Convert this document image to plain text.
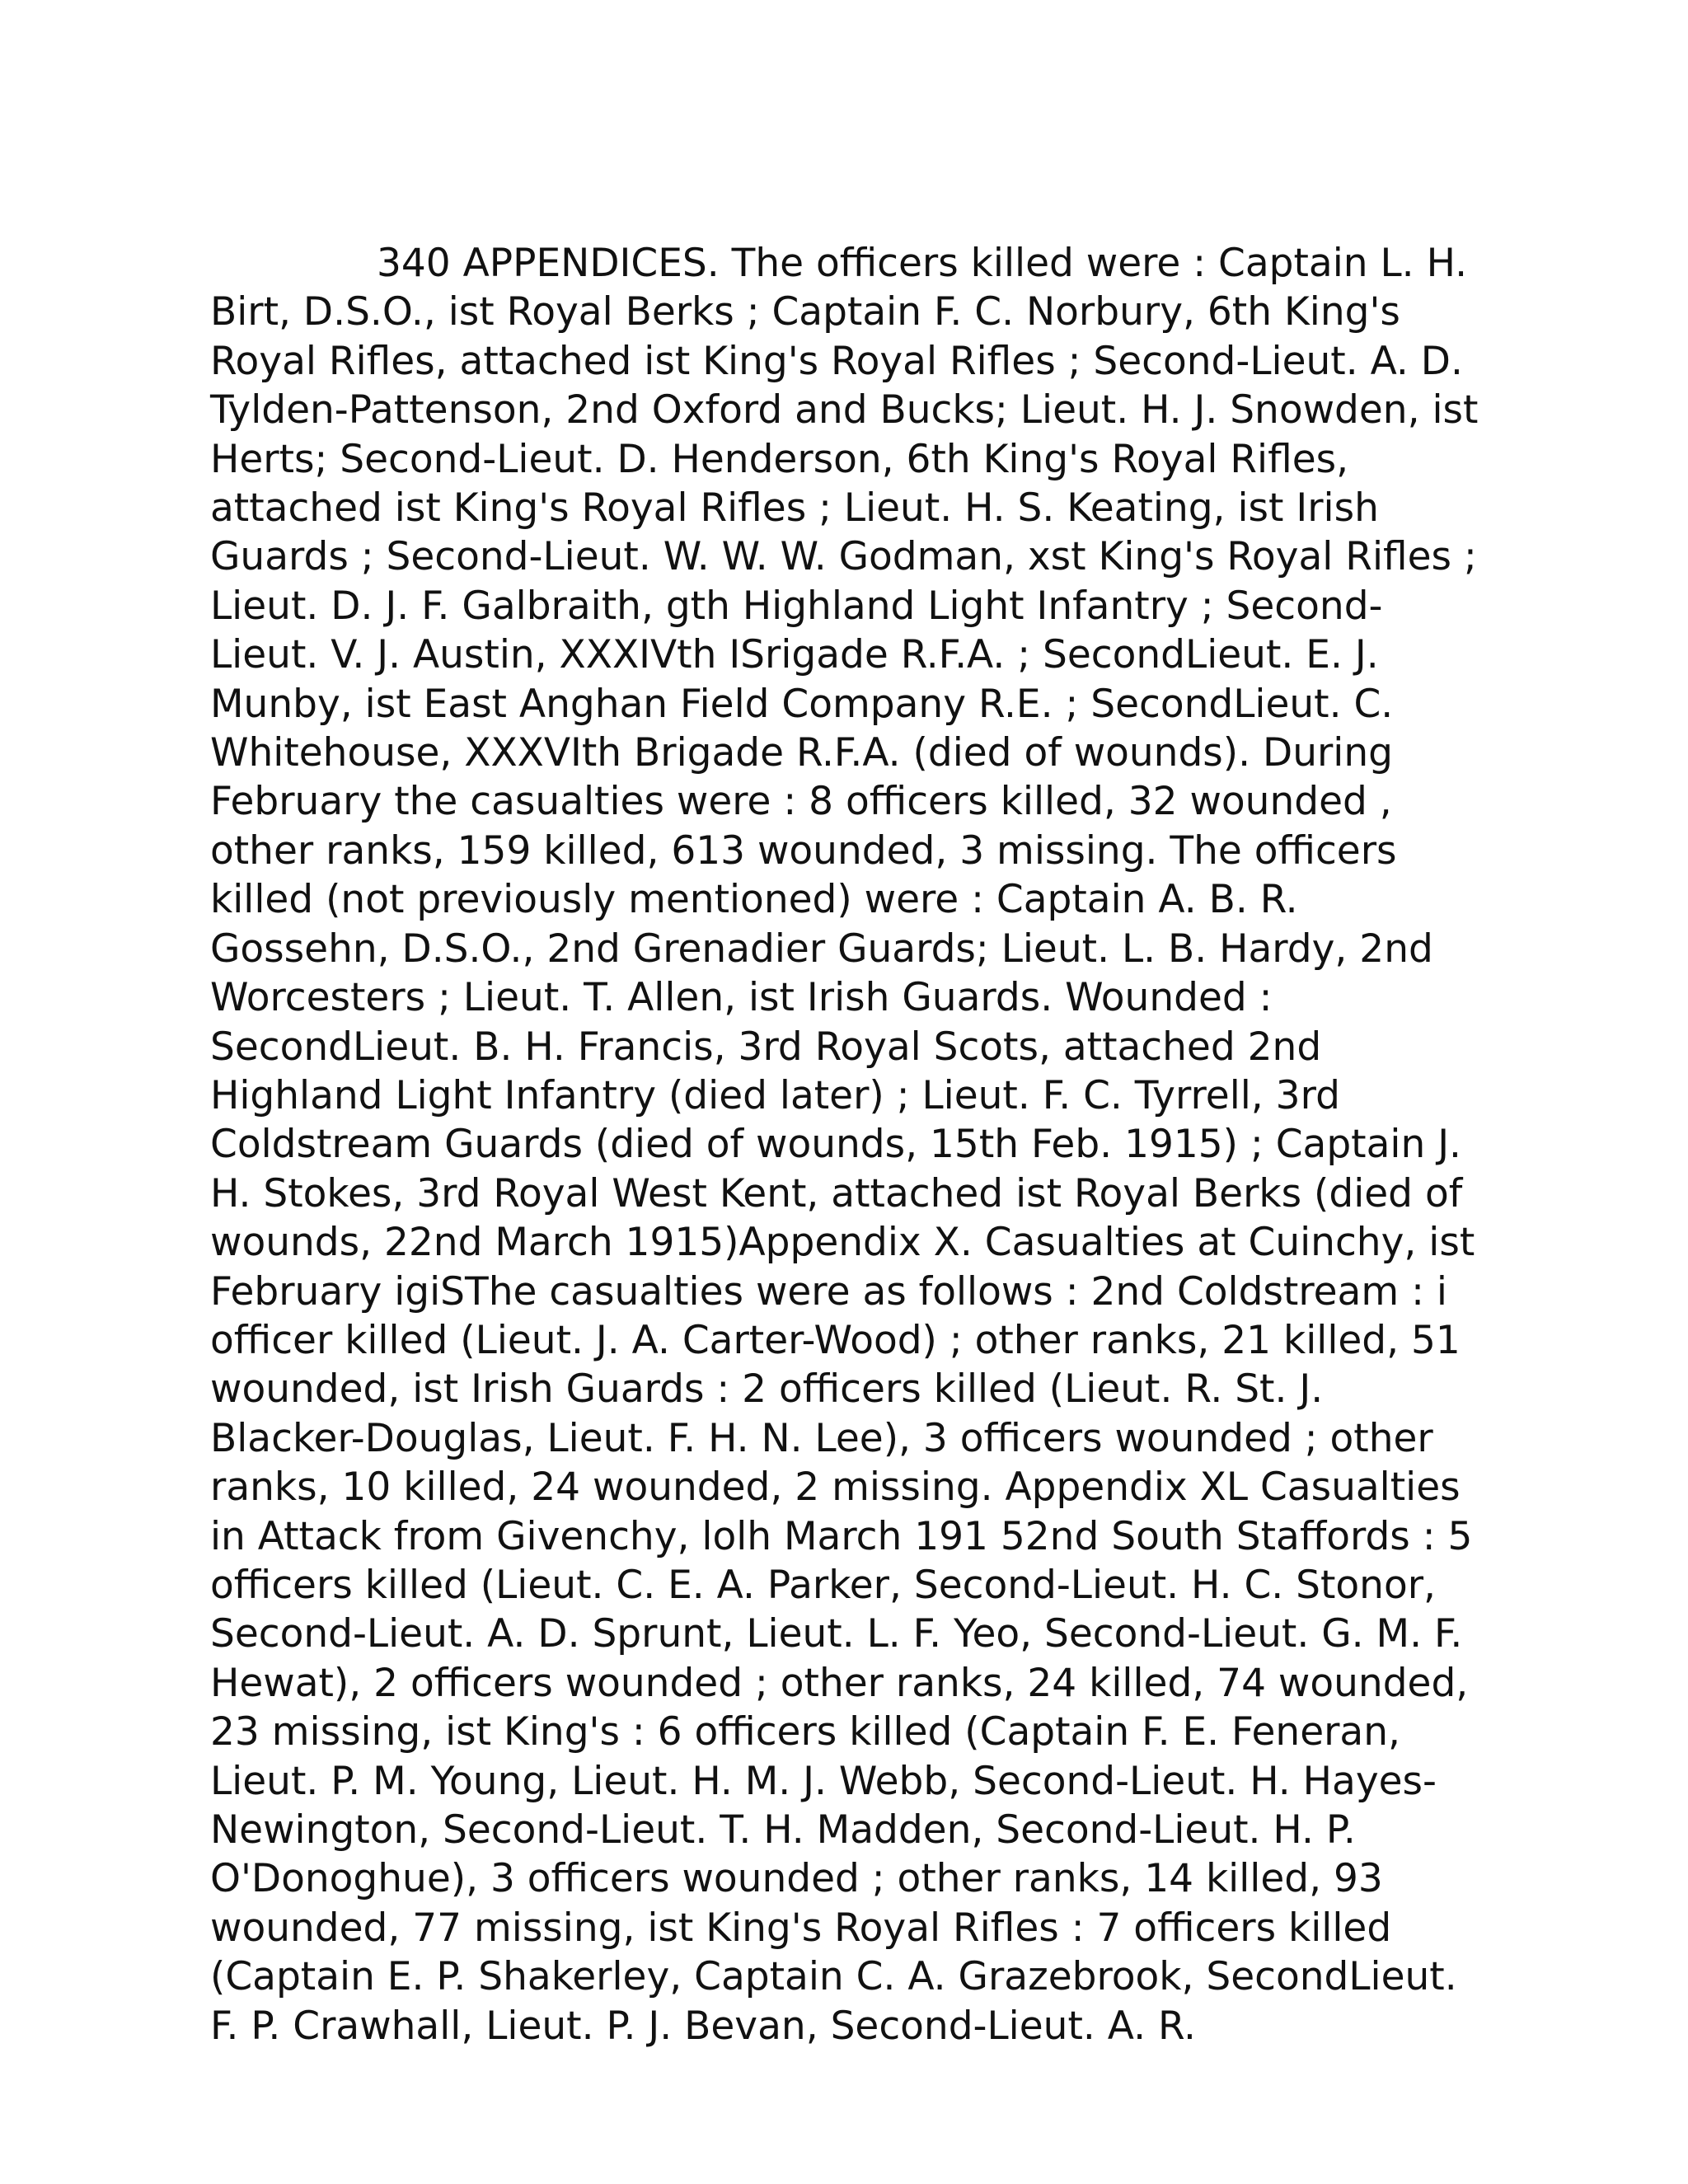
340 APPENDICES. The officers killed were : Captain L. H. Birt, D.S.O., ist Royal Berks ; Captain F. C. Norbury, 6th King's Royal Rifles, attached ist King's Royal Rifles ; Second-Lieut. A. D. Tylden-Pattenson, 2nd Oxford and Bucks; Lieut. H. J. Snowden, ist Herts; Second-Lieut. D. Henderson, 6th King's Royal Rifles, attached ist King's Royal Rifles ; Lieut. H. S. Keating, ist Irish Guards ; Second-Lieut. W. W. W. Godman, xst King's Royal Rifles ; Lieut. D. J. F. Galbraith, gth Highland Light Infantry ; Second-Lieut. V. J. Austin, XXXIVth ISrigade R.F.A. ; SecondLieut. E. J. Munby, ist East Anghan Field Company R.E. ; SecondLieut. C. Whitehouse, XXXVIth Brigade R.F.A. (died of wounds). During February the casualties were : 8 officers killed, 32 wounded , other ranks, 159 killed, 613 wounded, 3 missing. The officers killed (not previously mentioned) were : Captain A. B. R. Gossehn, D.S.O., 2nd Grenadier Guards; Lieut. L. B. Hardy, 2nd Worcesters ; Lieut. T. Allen, ist Irish Guards. Wounded : SecondLieut. B. H. Francis, 3rd Royal Scots, attached 2nd Highland Light Infantry (died later) ; Lieut. F. C. Tyrrell, 3rd Coldstream Guards (died of wounds, 15th Feb. 1915) ; Captain J. H. Stokes, 3rd Royal West Kent, attached ist Royal Berks (died of wounds, 22nd March 1915)Appendix X. Casualties at Cuinchy, ist February igiSThe casualties were as follows : 2nd Coldstream : i officer killed (Lieut. J. A. Carter-Wood) ; other ranks, 21 killed, 51 wounded, ist Irish Guards : 2 officers killed (Lieut. R. St. J. Blacker-Douglas, Lieut. F. H. N. Lee), 3 officers wounded ; other ranks, 10 killed, 24 wounded, 2 missing. Appendix XL Casualties in Attack from Givenchy, lolh March 191 52nd South Staffords : 5 officers killed (Lieut. C. E. A. Parker, Second-Lieut. H. C. Stonor, Second-Lieut. A. D. Sprunt, Lieut. L. F. Yeo, Second-Lieut. G. M. F. Hewat), 2 officers wounded ; other ranks, 24 killed, 74 wounded, 23 missing, ist King's : 6 officers killed (Captain F. E. Feneran, Lieut. P. M. Young, Lieut. H. M. J. Webb, Second-Lieut. H. Hayes-Newington, Second-Lieut. T. H. Madden, Second-Lieut. H. P. O'Donoghue), 3 officers wounded ; other ranks, 14 killed, 93 wounded, 77 missing, ist King's Royal Rifles : 7 officers killed (Captain E. P. Shakerley, Captain C. A. Grazebrook, SecondLieut. F. P. Crawhall, Lieut. P. J. Bevan, Second-Lieut. A. R.
